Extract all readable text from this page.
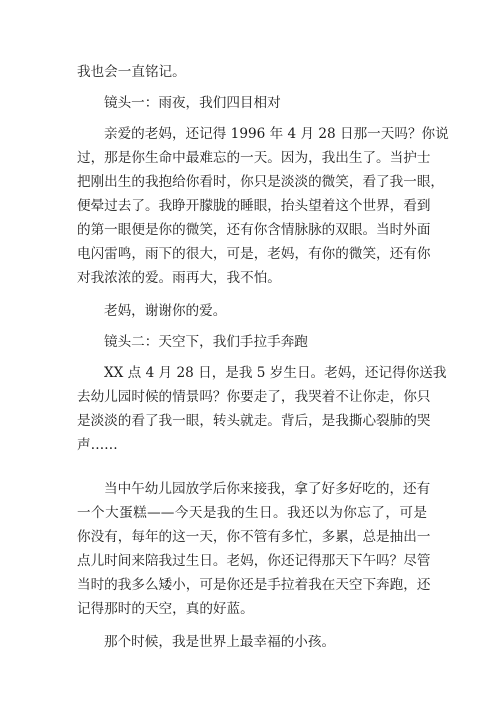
我也会一直铭记。
镜头一：雨夜，我们四目相对
亲爱的老妈，还记得 1996 年 4 月 28 日那一天吗？你说
过，那是你生命中最难忘的一天。因为，我出生了。当护士
把刚出生的我抱给你看时，你只是淡淡的微笑，看了我一眼，
便晕过去了。我睁开朦胧的睡眼，抬头望着这个世界，看到
的第一眼便是你的微笑，还有你含情脉脉的双眼。当时外面
电闪雷鸣，雨下的很大，可是，老妈，有你的微笑，还有你
对我浓浓的爱。雨再大，我不怕。
老妈，谢谢你的爱。
镜头二：天空下，我们手拉手奔跑
XX 点 4 月 28 日，是我 5 岁生日。老妈，还记得你送我
去幼儿园时候的情景吗？你要走了，我哭着不让你走，你只
是淡淡的看了我一眼，转头就走。背后，是我撕心裂肺的哭
声……
当中午幼儿园放学后你来接我，拿了好多好吃的，还有
一个大蛋糕——今天是我的生日。我还以为你忘了，可是
你没有，每年的这一天，你不管有多忙，多累，总是抽出一
点儿时间来陪我过生日。老妈，你还记得那天下午吗？尽管
当时的我多么矮小，可是你还是手拉着我在天空下奔跑，还
记得那时的天空，真的好蓝。
那个时候，我是世界上最幸福的小孩。
